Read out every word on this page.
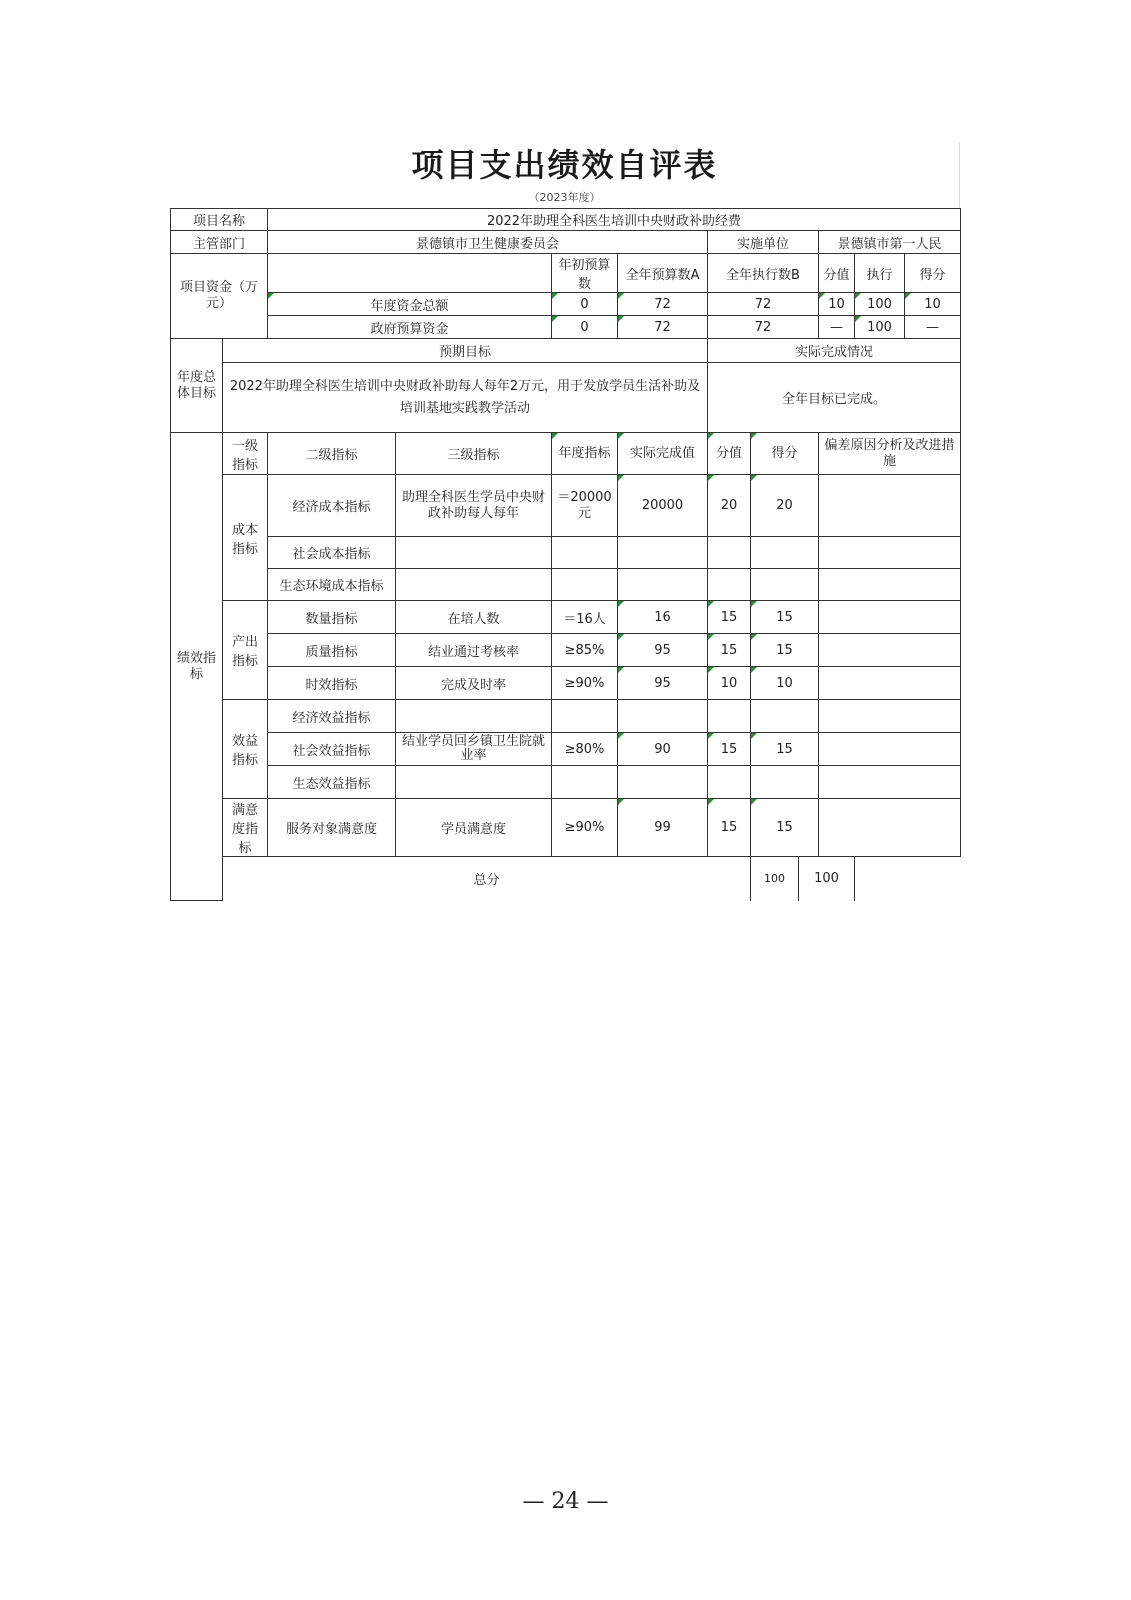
项目支出绩效自评表
（2023年度）
项目名称		2022年助理全科医生培训中央财政补助经费									
主管部门		景德镇市卫生健康委员会				实施单位			景德镇市第一人民		
项目资金（万元）				年初预算数	全年预算数A	全年执行数B			分值	执行	得分
		年度资金总额		0	72	72			10	100	10
		政府预算资金		0	72	72			—	100	—
年度总体目标	预期目标					实际完成情况					
	2022年助理全科医生培训中央财政补助每人每年2万元，用于发放学员生活补助及培训基地实践教学活动					全年目标已完成。					
绩效指标	一级指标	二级指标	三级指标	年度指标	实际完成值	分值	得分		偏差原因分析及改进措施		
	成本指标	经济成本指标	助理全科医生学员中央财政补助每人每年	＝20000元	20000	20	20				
		社会成本指标									
		生态环境成本指标									
	产出指标	数量指标	在培人数	＝16人	16	15	15				
		质量指标	结业通过考核率	≥85%	95	15	15				
		时效指标	完成及时率	≥90%	95	10	10				
	效益指标	经济效益指标									
		社会效益指标	结业学员回乡镇卫生院就业率	≥80%	90	15	15				
		生态效益指标									
	满意度指标	服务对象满意度	学员满意度	≥90%	99	15	15				
	总分						100	100			
— 24 —
